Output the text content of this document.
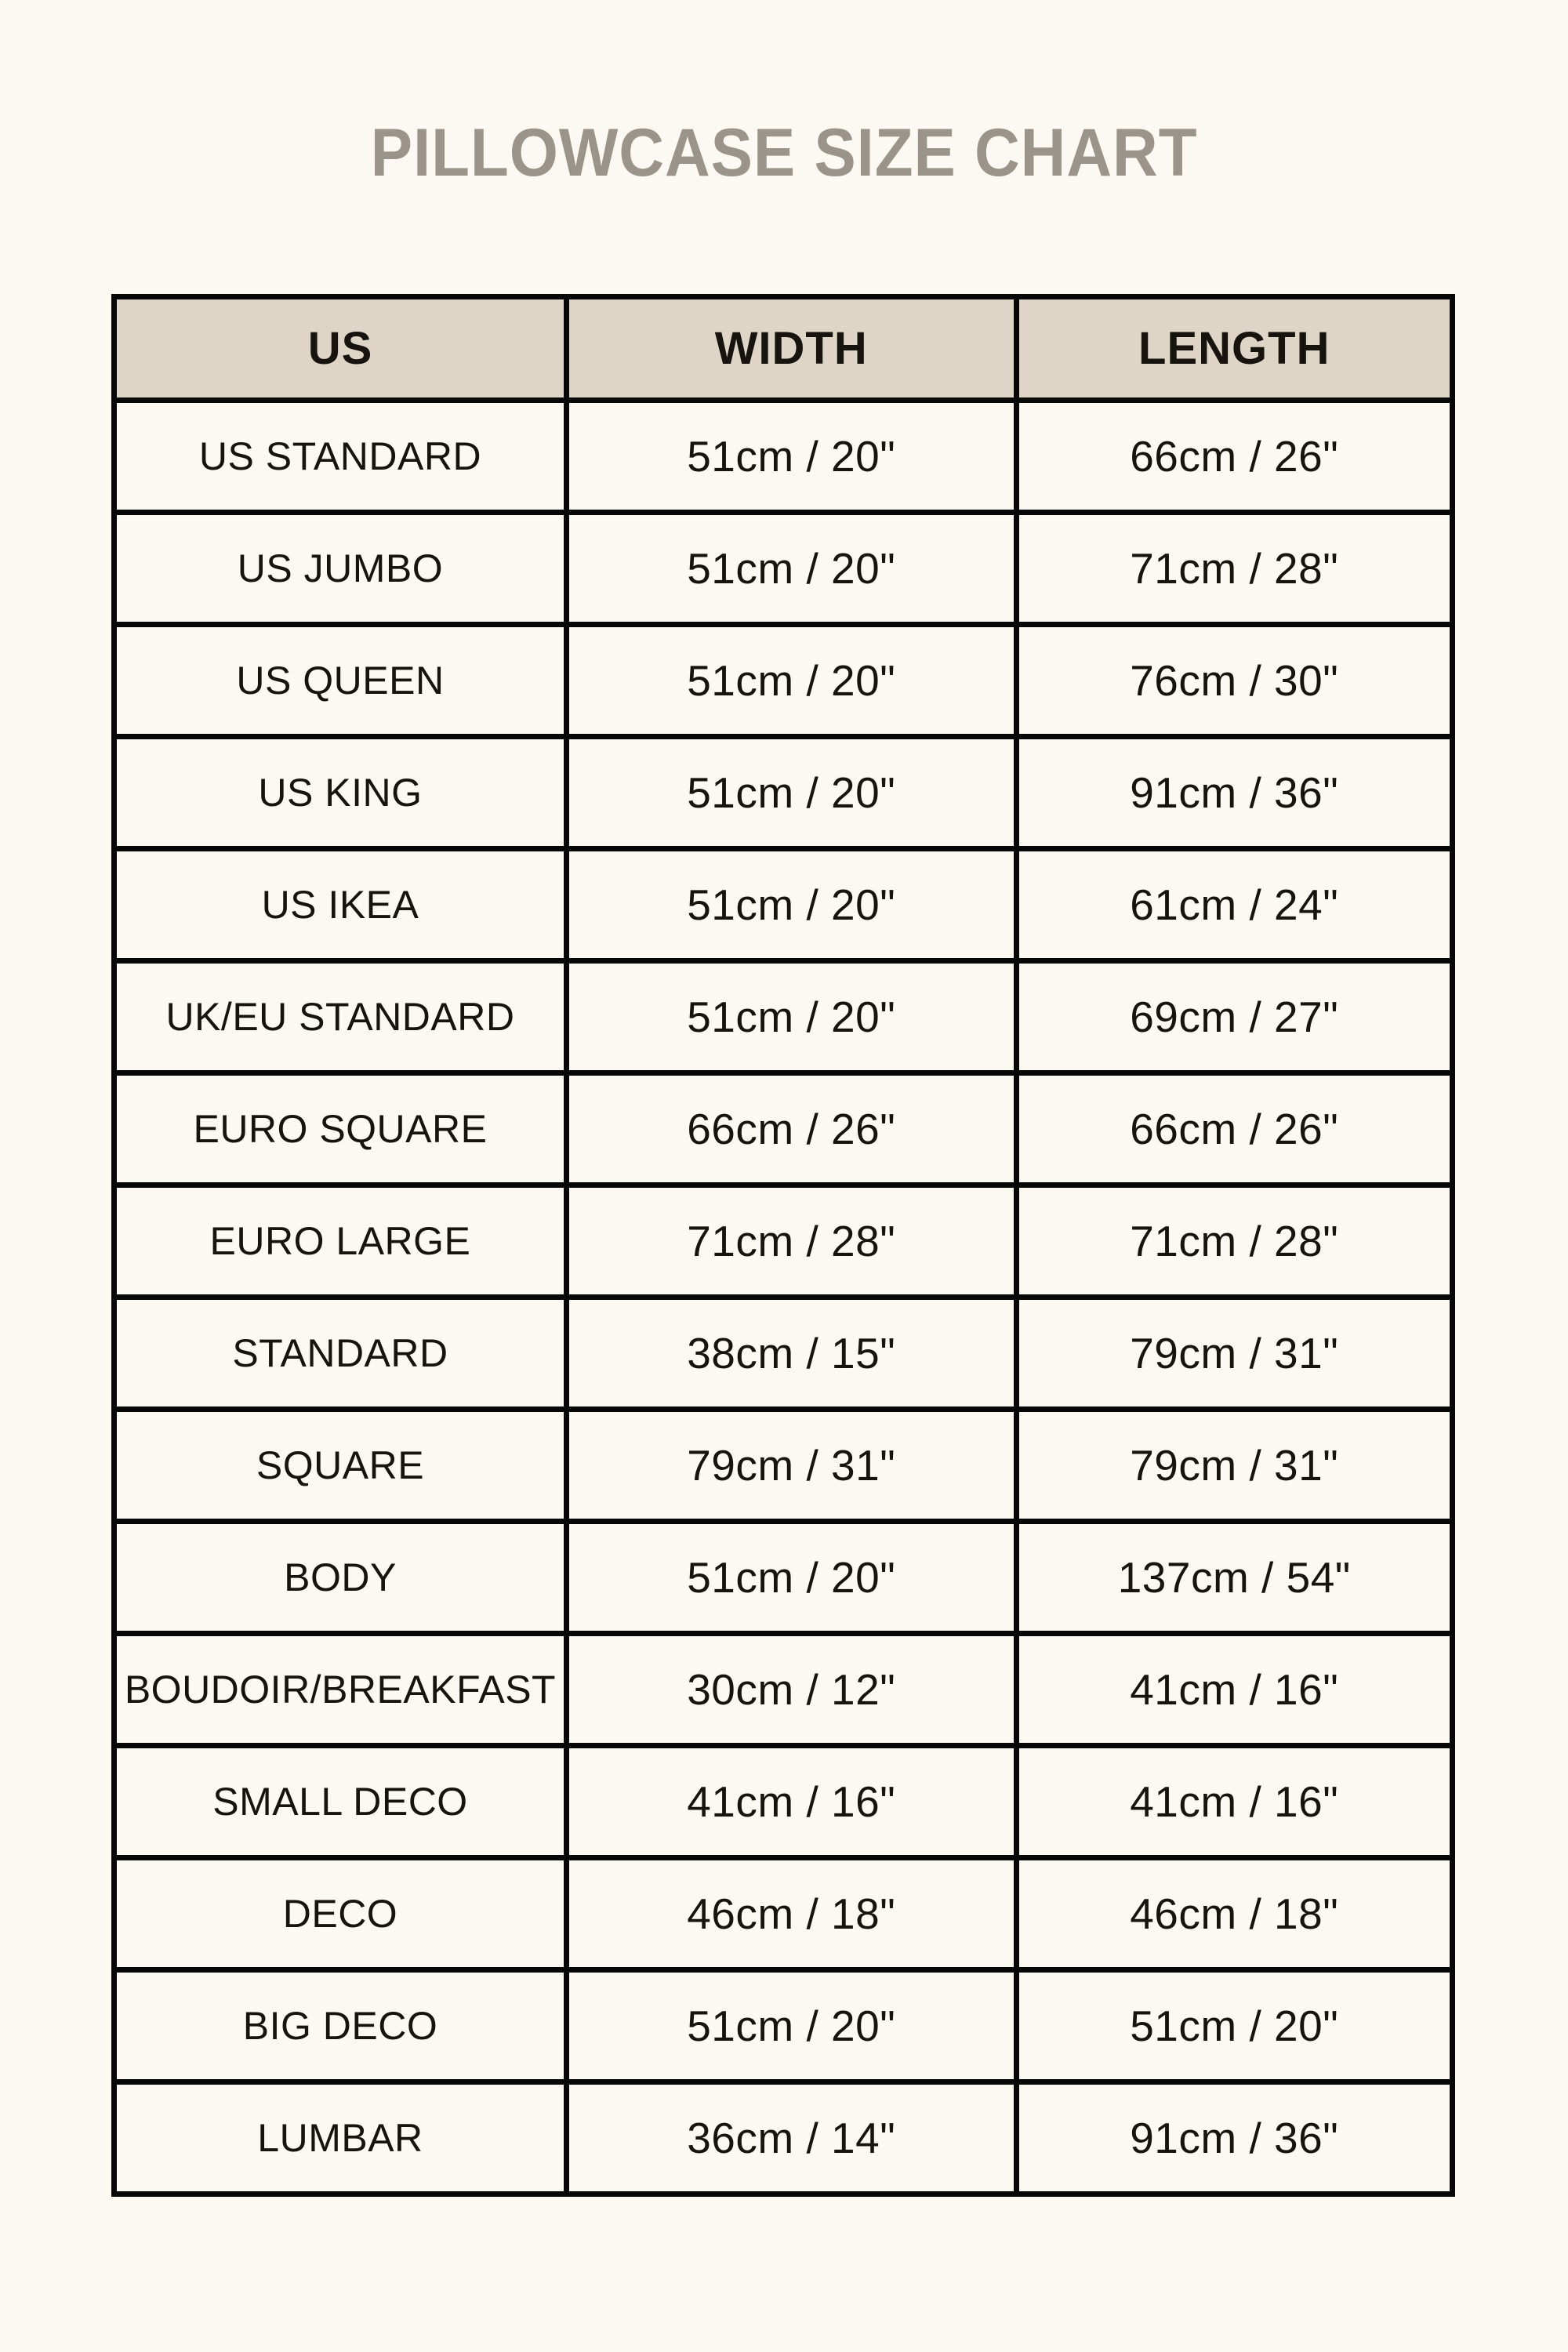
PILLOWCASE SIZE CHART
US	WIDTH	LENGTH
US STANDARD	51cm / 20"	66cm / 26"
US JUMBO	51cm / 20"	71cm / 28"
US QUEEN	51cm / 20"	76cm / 30"
US KING	51cm / 20"	91cm / 36"
US IKEA	51cm / 20"	61cm / 24"
UK/EU STANDARD	51cm / 20"	69cm / 27"
EURO SQUARE	66cm / 26"	66cm / 26"
EURO LARGE	71cm / 28"	71cm / 28"
STANDARD	38cm / 15"	79cm / 31"
SQUARE	79cm / 31"	79cm / 31"
BODY	51cm / 20"	137cm / 54"
BOUDOIR/BREAKFAST	30cm / 12"	41cm / 16"
SMALL DECO	41cm / 16"	41cm / 16"
DECO	46cm / 18"	46cm / 18"
BIG DECO	51cm / 20"	51cm / 20"
LUMBAR	36cm / 14"	91cm / 36"
